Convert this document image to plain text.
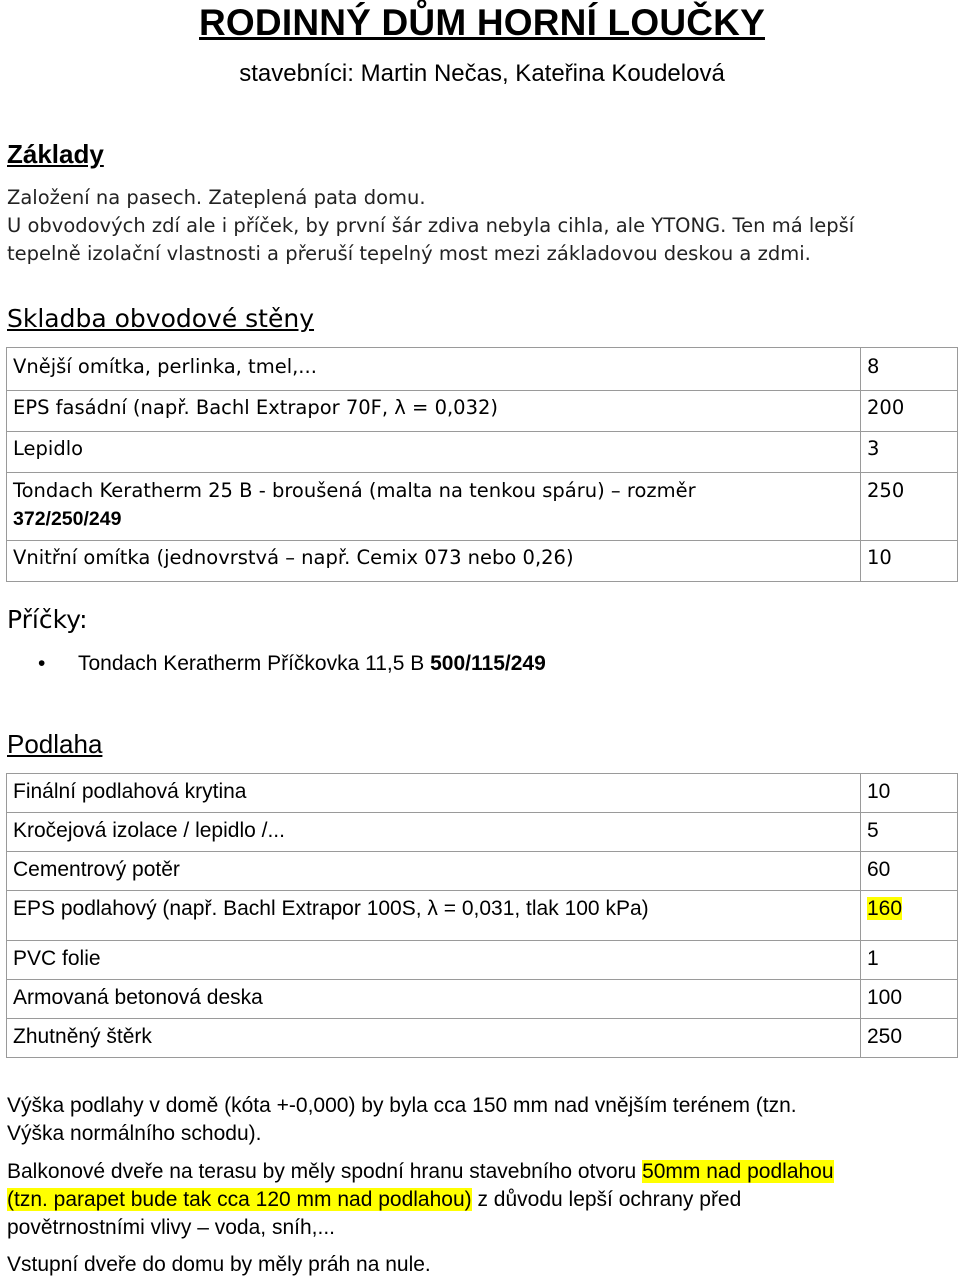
RODINNÝ DŮM HORNÍ LOUČKY
stavebníci: Martin Nečas, Kateřina Koudelová
Základy
Založení na pasech. Zateplená pata domu.
U obvodových zdí ale i příček, by první šár zdiva nebyla cihla, ale YTONG. Ten má lepší
tepelně izolační vlastnosti a přeruší tepelný most mezi základovou deskou a zdmi.
Skladba obvodové stěny
Vnější omítka, perlinka, tmel,...	8
EPS fasádní (např. Bachl Extrapor 70F, λ = 0,032)	200
Lepidlo	3

Tondach Keratherm 25 B - broušená (malta na tenkou spáru) – rozměr
372/250/249	250
Vnitřní omítka (jednovrstvá – např. Cemix 073 nebo 0,26)	10
Příčky:
• Tondach Keratherm Příčkovka 11,5 B 500/115/249
Podlaha
Finální podlahová krytina	10
Kročejová izolace / lepidlo /...	5
Cementrový potěr	60
EPS podlahový (např. Bachl Extrapor 100S, λ = 0,031, tlak 100 kPa)	160
PVC folie	1
Armovaná betonová deska	100
Zhutněný štěrk	250
Výška podlahy v domě (kóta +-0,000) by byla cca 150 mm nad vnějším terénem (tzn.
Výška normálního schodu).
Balkonové dveře na terasu by měly spodní hranu stavebního otvoru 50mm nad podlahou
(tzn. parapet bude tak cca 120 mm nad podlahou) z důvodu lepší ochrany před
povětrnostními vlivy – voda, sníh,...
Vstupní dveře do domu by měly práh na nule.
